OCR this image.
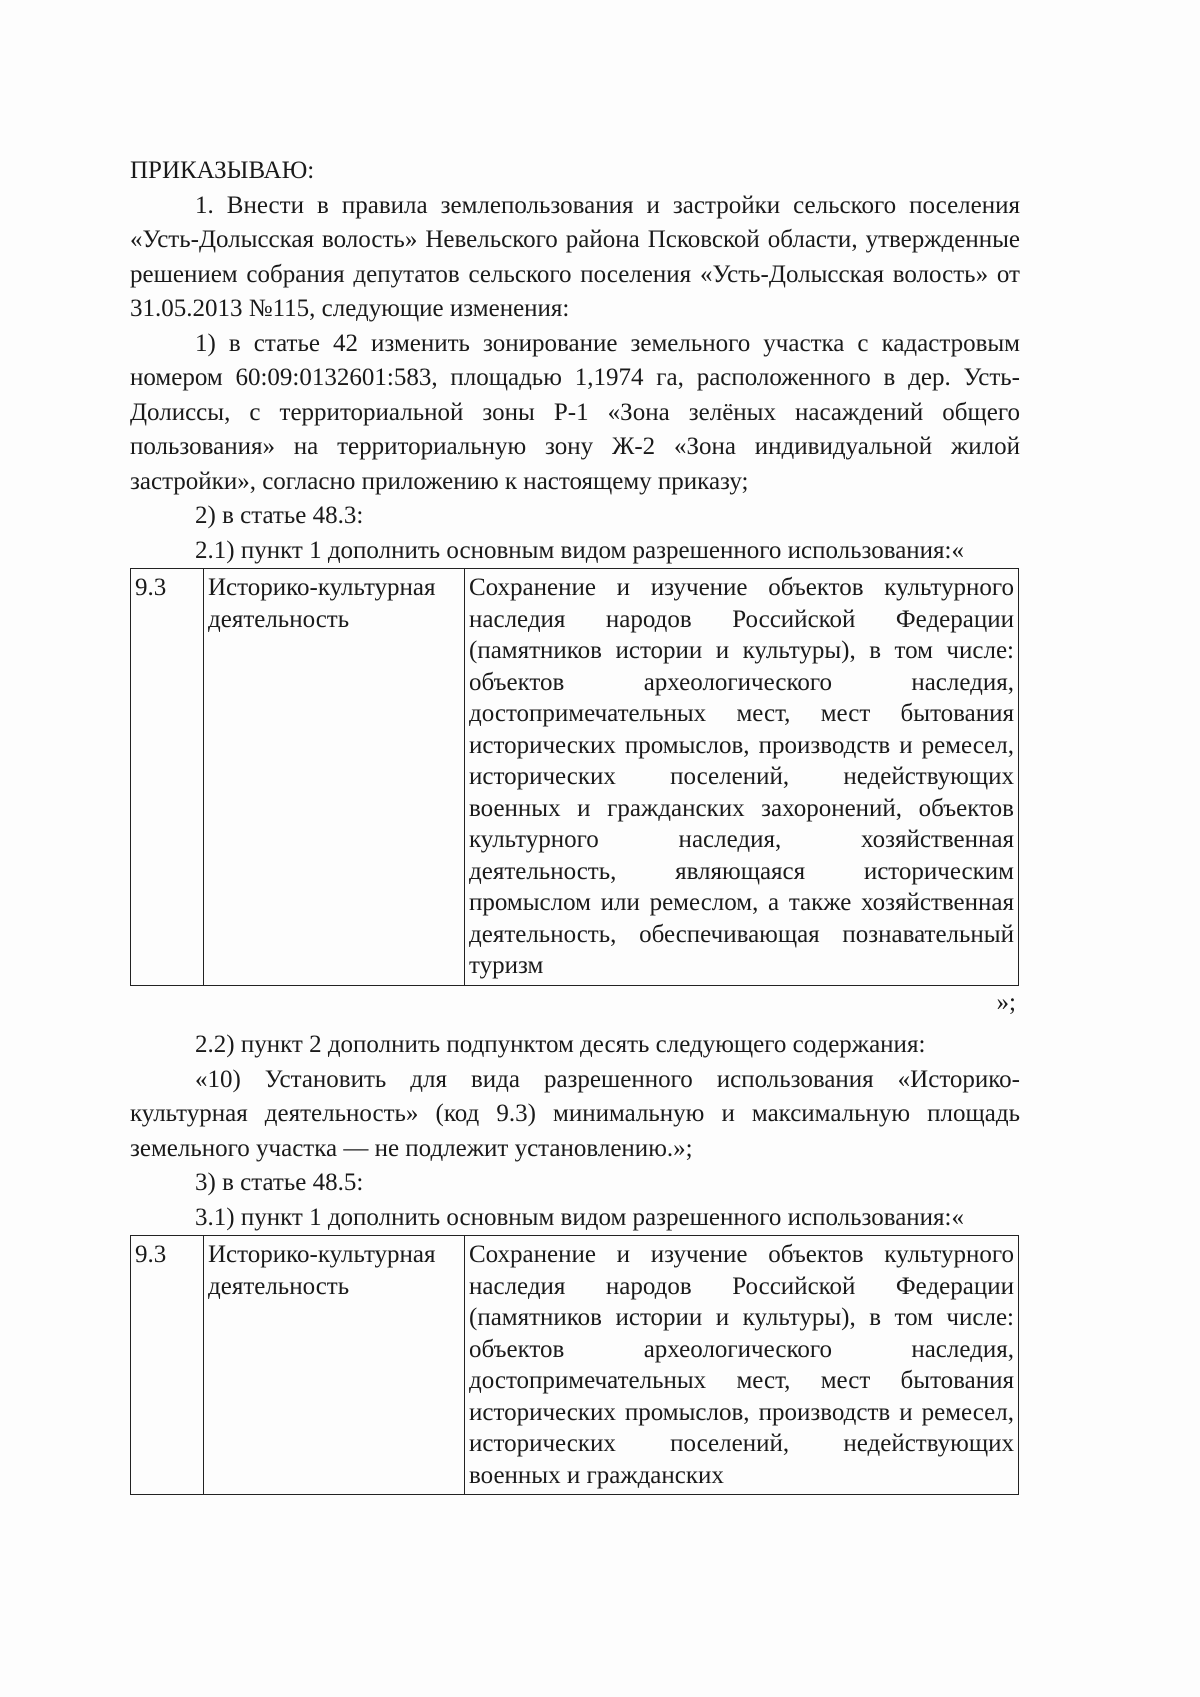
ПРИКАЗЫВАЮ:

1. Внести в правила землепользования и застройки сельского поселения «Усть-Долысская волость» Невельского района Псковской области, утвержденные решением собрания депутатов сельского поселения «Усть-Долысская волость» от 31.05.2013 №115, следующие изменения:

1) в статье 42 изменить зонирование земельного участка с кадастровым номером 60:09:0132601:583, площадью 1,1974 га, расположенного в дер. Усть-Долиссы, с территориальной зоны Р-1 «Зона зелёных насаждений общего пользования» на территориальную зону Ж-2 «Зона индивидуальной жилой застройки», согласно приложению к настоящему приказу;

2) в статье 48.3:

2.1) пункт 1 дополнить основным видом разрешенного использования:«

9.3	Историко-культурная деятельность	Сохранение и изучение объектов культурного наследия народов Российской Федерации (памятников истории и культуры), в том числе: объектов археологического наследия, достопримечательных мест, мест бытования исторических промыслов, производств и ремесел, исторических поселений, недействующих военных и гражданских захоронений, объектов культурного наследия, хозяйственная деятельность, являющаяся историческим промыслом или ремеслом, а также хозяйственная деятельность, обеспечивающая познавательный туризм

»;

2.2) пункт 2 дополнить подпунктом десять следующего содержания:

«10) Установить для вида разрешенного использования «Историко-культурная деятельность» (код 9.3) минимальную и максимальную площадь земельного участка — не подлежит установлению.»;

3) в статье 48.5:

3.1) пункт 1 дополнить основным видом разрешенного использования:«

9.3	Историко-культурная деятельность	Сохранение и изучение объектов культурного наследия народов Российской Федерации (памятников истории и культуры), в том числе: объектов археологического наследия, достопримечательных мест, мест бытования исторических промыслов, производств и ремесел, исторических поселений, недействующих военных и гражданских
